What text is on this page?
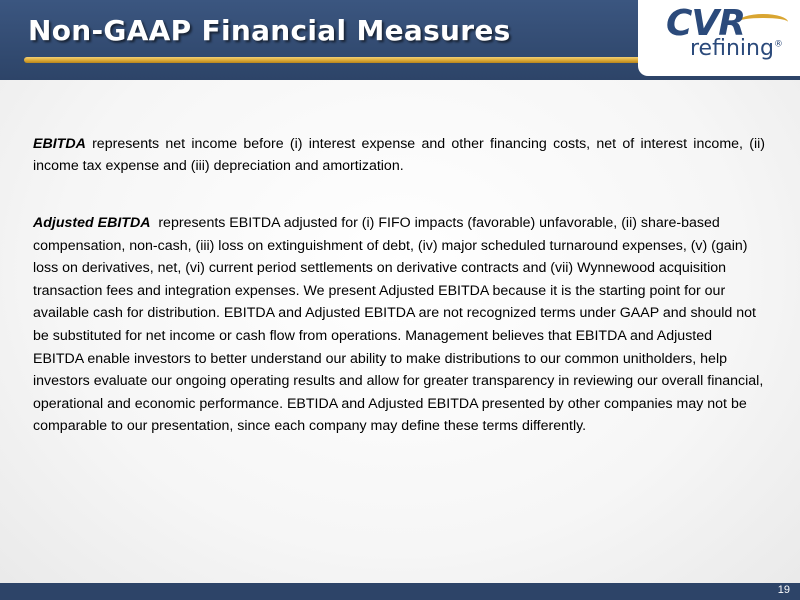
Non-GAAP Financial Measures	CVR
refining®

EBITDA represents net income before (i) interest expense and other financing costs, net of interest income, (ii) income tax expense and (iii) depreciation and amortization.

Adjusted EBITDA  represents EBITDA adjusted for (i) FIFO impacts (favorable) unfavorable, (ii) share-based compensation, non-cash, (iii) loss on extinguishment of debt, (iv) major scheduled turnaround expenses, (v) (gain) loss on derivatives, net, (vi) current period settlements on derivative contracts and (vii) Wynnewood acquisition transaction fees and integration expenses. We present Adjusted EBITDA because it is the starting point for our available cash for distribution. EBITDA and Adjusted EBITDA are not recognized terms under GAAP and should not be substituted for net income or cash flow from operations. Management believes that EBITDA and Adjusted EBITDA enable investors to better understand our ability to make distributions to our common unitholders, help investors evaluate our ongoing operating results and allow for greater transparency in reviewing our overall financial, operational and economic performance. EBTIDA and Adjusted EBITDA presented by other companies may not be comparable to our presentation, since each company may define these terms differently.

19
